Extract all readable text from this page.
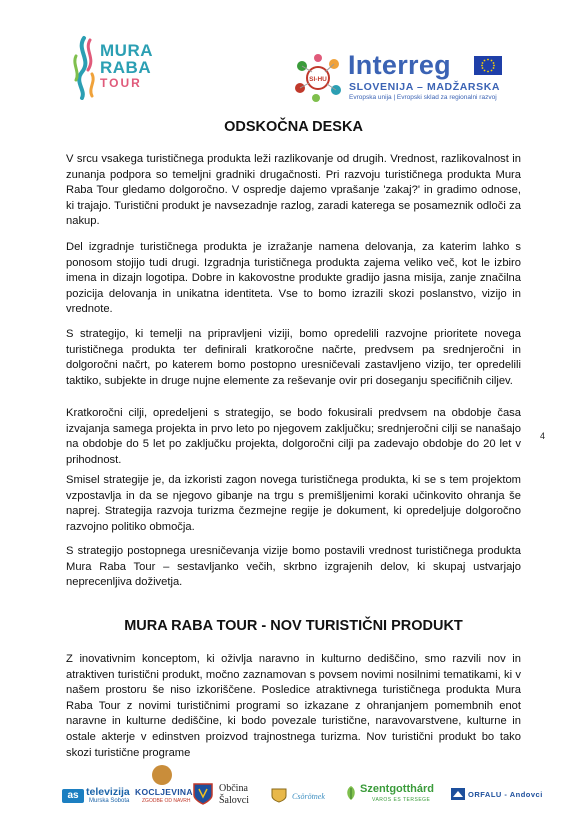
MURA
RABA
TOUR	SI-HU Interreg
SLOVENIJA – MADŽARSKA
Evropska unija | Evropski sklad za regionalni razvoj
ODSKOČNA DESKA

V srcu vsakega turističnega produkta leži razlikovanje od drugih. Vrednost, razlikovalnost in zunanja podpora so temeljni gradniki drugačnosti. Pri razvoju turističnega produkta Mura Raba Tour gledamo dolgoročno. V ospredje dajemo vprašanje 'zakaj?' in gradimo odnose, ki trajajo. Turistični produkt je navsezadnje razlog, zaradi katerega se posameznik odloči za nakup.

Del izgradnje turističnega produkta je izražanje namena delovanja, za katerim lahko s ponosom stojijo tudi drugi. Izgradnja turističnega produkta zajema veliko več, kot le izbiro imena in dizajn logotipa. Dobre in kakovostne produkte gradijo jasna misija, zanje značilna pozicija delovanja in unikatna identiteta. Vse to bomo izrazili skozi poslanstvo, vizijo in vrednote.

S strategijo, ki temelji na pripravljeni viziji, bomo opredelili razvojne prioritete novega turističnega produkta ter definirali kratkoročne načrte, predvsem pa srednjeročni in dolgoročni načrt, po katerem bomo postopno uresničevali zastavljeno vizijo, ter opredelili taktiko, subjekte in druge nujne elemente za reševanje ovir pri doseganju specifičnih ciljev.

Kratkoročni cilji, opredeljeni s strategijo, se bodo fokusirali predvsem na obdobje časa izvajanja samega projekta in prvo leto po njegovem zaključku; srednjeročni cilji se nanašajo na obdobje do 5 let po zaključku projekta, dolgoročni cilji pa zadevajo obdobje do 20 let v prihodnost.

Smisel strategije je, da izkoristi zagon novega turističnega produkta, ki se s tem projektom vzpostavlja in da se njegovo gibanje na trgu s premišljenimi koraki učinkovito ohranja še naprej. Strategija razvoja turizma čezmejne regije je dokument, ki opredeljuje dolgoročno razvojno politiko območja.

S strategijo postopnega uresničevanja vizije bomo postavili vrednost turističnega produkta Mura Raba Tour – sestavljanko večih, skrbno izgrajenih delov, ki skupaj ustvarjajo neprecenljiva doživetja.

4
MURA RABA TOUR - NOV TURISTIČNI PRODUKT

Z inovativnim konceptom, ki oživlja naravno in kulturno dediščino, smo razvili nov in atraktiven turistični produkt, močno zaznamovan s povsem novimi nosilnimi tematikami, ki v našem prostoru še niso izkoriščene. Posledice atraktivnega turističnega produkta Mura Raba Tour z novimi turističnimi programi so izkazane z ohranjanjem pomembnih enot naravne in kulturne dediščine, ki bodo povezale turistične, naravovarstvene, kulturne in ostale akterje v edinstven proizvod trajnostnega turizma. Nov turistični produkt bo tako skozi turistične programe

as televizija
Murska Sobota
KOCLJEVINA
ZGODBE OD NAVRH
Občina
Šalovci	Csörötnek
Szentgotthárd
VAROS ES TERSEGE
ORFALU - Andovci
